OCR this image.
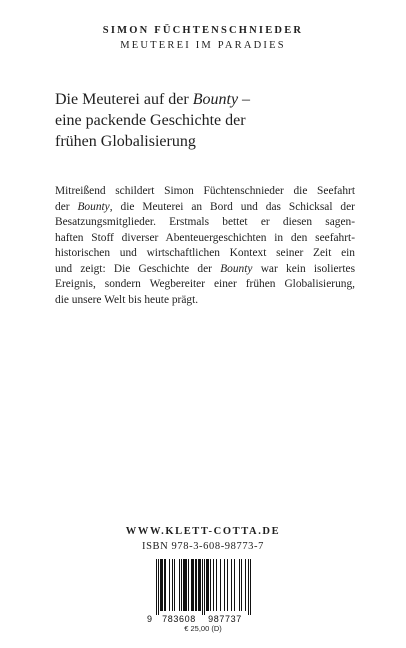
SIMON FÜCHTENSCHNIEDER
MEUTEREI IM PARADIES
Die Meuterei auf der Bounty –
eine packende Geschichte der
frühen Globalisierung
Mitreißend schildert Simon Füchtenschnieder die Seefahrt
der Bounty, die Meuterei an Bord und das Schicksal der
Besatzungsmitglieder. Erstmals bettet er diesen sagen-
haften Stoff diverser Abenteuergeschichten in den seefahrt-
historischen und wirtschaftlichen Kontext seiner Zeit ein
und zeigt: Die Geschichte der Bounty war kein isoliertes
Ereignis, sondern Wegbereiter einer frühen Globalisierung,
die unsere Welt bis heute prägt.
WWW.KLETT-COTTA.DE
ISBN 978-3-608-98773-7
9 783608 987737
€ 25,00 (D)
